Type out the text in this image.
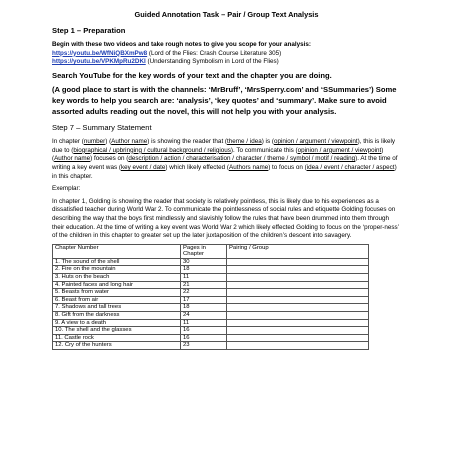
Guided Annotation Task – Pair / Group Text Analysis

Step 1 – Preparation

Begin with these two videos and take rough notes to give you scope for your analysis:

https://youtu.be/WfNiQBXmPw8 (Lord of the Flies: Crash Course Literature 305)

https://youtu.be/VPKMpRu2DKI (Understanding Symbolism in Lord of the Flies)

Search YouTube for the key words of your text and the chapter you are doing.

(A good place to start is with the channels: ‘MrBruff’, ‘MrsSperry.com’ and ‘SSummaries’) Some key words to help you search are: ‘analysis’, ‘key quotes’ and ‘summary’. Make sure to avoid assorted adults reading out the novel, this will not help you with your analysis.

Step 7 – Summary Statement

In chapter (number) (Author name) is showing the reader that (theme / idea) is (opinion / argument / viewpoint), this is likely due to (biographical / upbringing / cultural background / religious). To communicate this (opinion / argument / viewpoint) (Author name) focuses on (description / action / characterisation / character / theme / symbol / motif / reading). At the time of writing a key event was (key event / date) which likely effected (Authors name) to focus on (idea / event / character / aspect) in this chapter.

Exemplar:

In chapter 1, Golding is showing the reader that society is relatively pointless, this is likely due to his experiences as a dissatisfied teacher during World War 2. To communicate the pointlessness of social rules and etiquette Golding focuses on describing the way that the boys first mindlessly and slavishly follow the rules that have been drummed into them through their education. At the time of writing a key event was World War 2 which likely effected Golding to focus on the ‘proper-ness’ of the children in this chapter to greater set up the later juxtaposition of the children’s descent into savagery.

Chapter Number	Pages in Chapter	Pairing / Group
1. The sound of the shell	30	
2. Fire on the mountain	18	
3. Huts on the beach	11	
4. Painted faces and long hair	21	
5. Beasts from water	22	
6. Beast from air	17	
7. Shadows and tall trees	18	
8. Gift from the darkness	24	
9. A view to a death	11	
10. The shell and the glasses	16	
11. Castle rock	16	
12. Cry of the hunters	23	
